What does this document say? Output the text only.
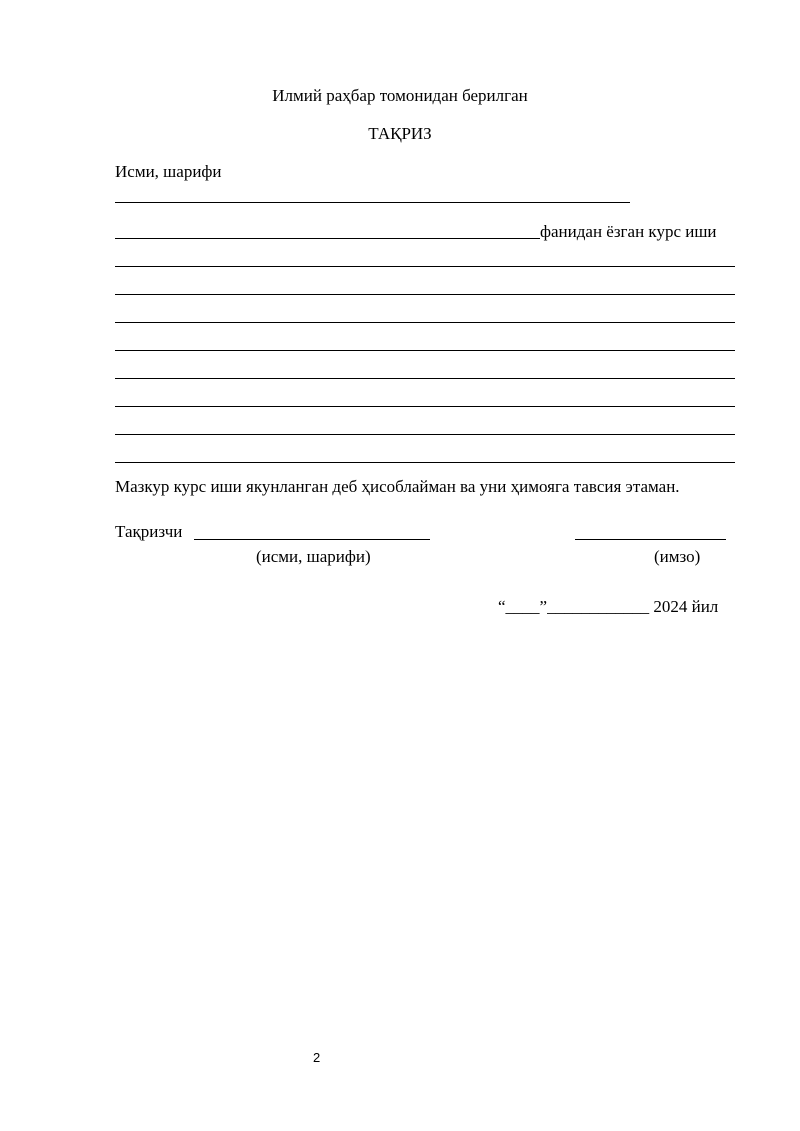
Илмий раҳбар томонидан берилган
ТАҚРИЗ
Исми, шарифи
фанидан ёзган курс иши
Мазкур курс иши якунланган деб ҳисоблайман ва уни ҳимояга тавсия этаман.
Тақризчи
(исми, шарифи)	(имзо)
“____”____________ 2024 йил
2
